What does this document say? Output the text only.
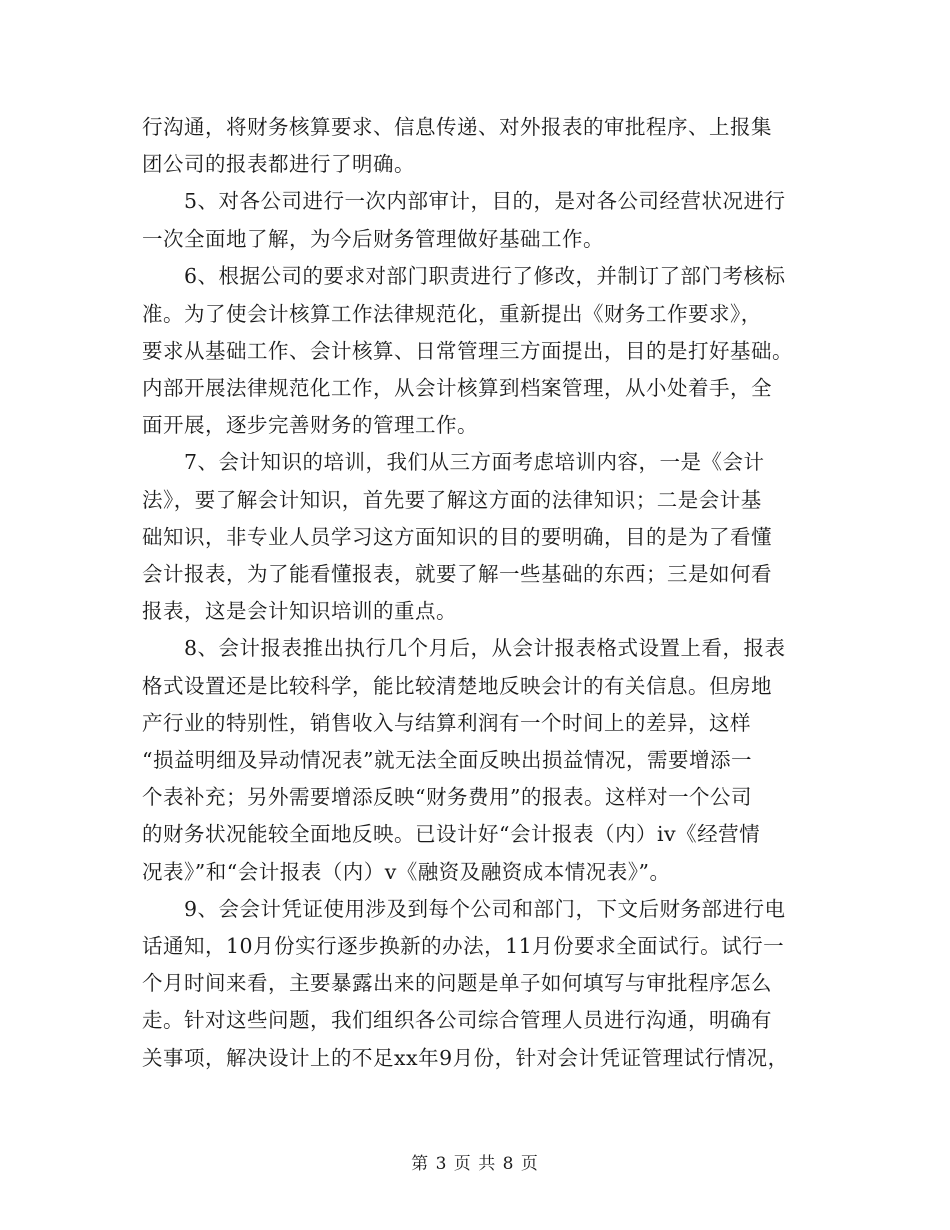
行沟通，将财务核算要求、信息传递、对外报表的审批程序、上报集
团公司的报表都进行了明确。
　　5、对各公司进行一次内部审计，目的，是对各公司经营状况进行
一次全面地了解，为今后财务管理做好基础工作。
　　6、根据公司的要求对部门职责进行了修改，并制订了部门考核标
准。为了使会计核算工作法律规范化，重新提出《财务工作要求》，
要求从基础工作、会计核算、日常管理三方面提出，目的是打好基础。
内部开展法律规范化工作，从会计核算到档案管理，从小处着手，全
面开展，逐步完善财务的管理工作。
　　7、会计知识的培训，我们从三方面考虑培训内容，一是《会计
法》，要了解会计知识，首先要了解这方面的法律知识；二是会计基
础知识，非专业人员学习这方面知识的目的要明确，目的是为了看懂
会计报表，为了能看懂报表，就要了解一些基础的东西；三是如何看
报表，这是会计知识培训的重点。
　　8、会计报表推出执行几个月后，从会计报表格式设置上看，报表
格式设置还是比较科学，能比较清楚地反映会计的有关信息。但房地
产行业的特别性，销售收入与结算利润有一个时间上的差异，这样
“损益明细及异动情况表”就无法全面反映出损益情况，需要增添一
个表补充；另外需要增添反映“财务费用”的报表。这样对一个公司
的财务状况能较全面地反映。已设计好“会计报表（内）iv《经营情
况表》”和“会计报表（内）v《融资及融资成本情况表》”。
　　9、会会计凭证使用涉及到每个公司和部门，下文后财务部进行电
话通知，10月份实行逐步换新的办法，11月份要求全面试行。试行一
个月时间来看，主要暴露出来的问题是单子如何填写与审批程序怎么
走。针对这些问题，我们组织各公司综合管理人员进行沟通，明确有
关事项，解决设计上的不足xx年9月份，针对会计凭证管理试行情况，
第 3 页 共 8 页
